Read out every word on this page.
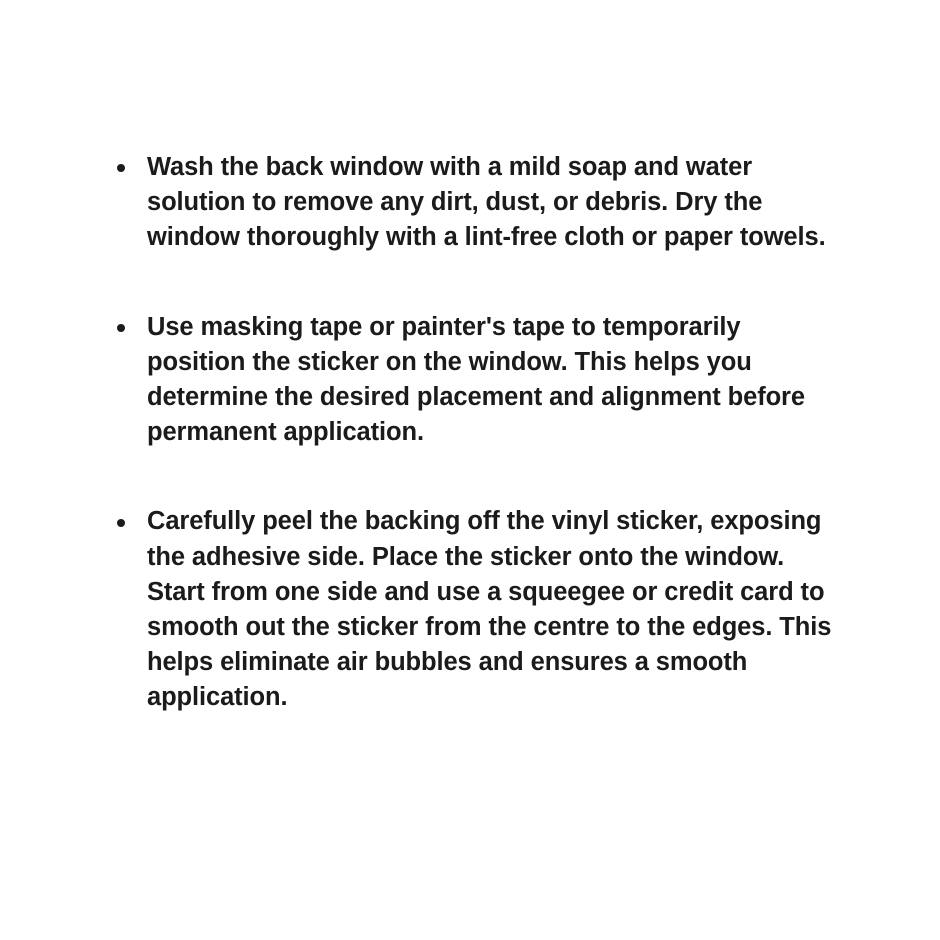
Wash the back window with a mild soap and water solution to remove any dirt, dust, or debris. Dry the window thoroughly with a lint-free cloth or paper towels.
Use masking tape or painter's tape to temporarily position the sticker on the window. This helps you determine the desired placement and alignment before permanent application.
Carefully peel the backing off the vinyl sticker, exposing the adhesive side. Place the sticker onto the window. Start from one side and use a squeegee or credit card to smooth out the sticker from the centre to the edges. This helps eliminate air bubbles and ensures a smooth application.
